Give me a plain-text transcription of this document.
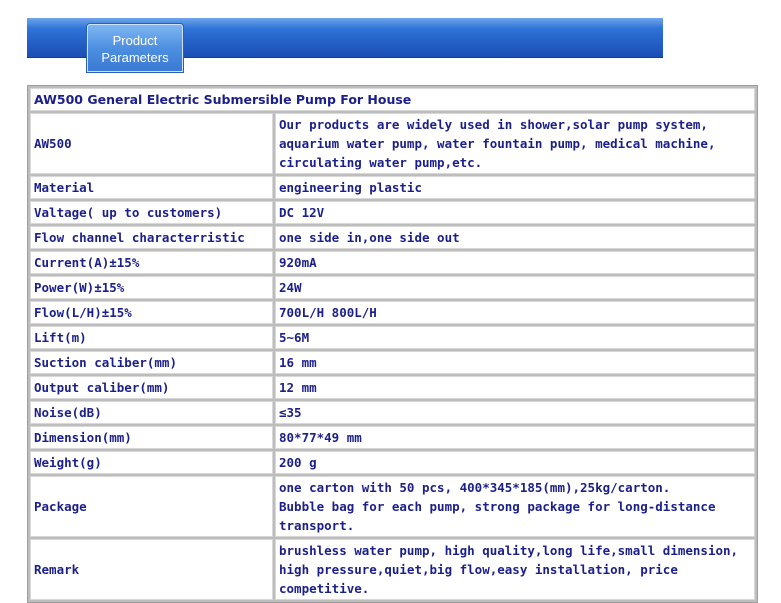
Product
Parameters
AW500 General Electric Submersible Pump For House	
AW500	Our products are widely used in shower,solar pump system,
aquarium water pump, water fountain pump, medical machine,
circulating water pump,etc.
Material	engineering plastic
Valtage( up to customers)	DC 12V
Flow channel characterristic	one side in,one side out
Current(A)±15%	920mA
Power(W)±15%	24W
Flow(L/H)±15%	700L/H 800L/H
Lift(m)	5~6M
Suction caliber(mm)	16 mm
Output caliber(mm)	12 mm
Noise(dB)	≤35
Dimension(mm)	80*77*49 mm
Weight(g)	200 g
Package	one carton with 50 pcs, 400*345*185(mm),25kg/carton.
Bubble bag for each pump, strong package for long-distance
transport.
Remark	brushless water pump, high quality,long life,small dimension,
high pressure,quiet,big flow,easy installation, price competitive.
